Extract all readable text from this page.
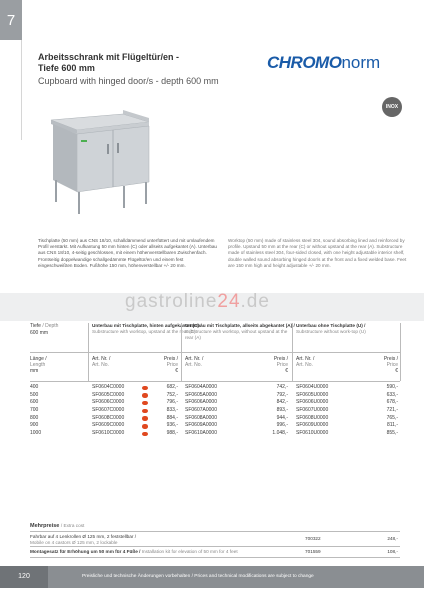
7
Arbeitsschrank mit Flügeltür/en -
Tiefe 600 mm
Cupboard with hinged door/s - depth 600 mm
CHROMOnorm
INOX
Tischplatte (50 mm) aus CNS 18/10, schalldämmend unterfüttert und mit umlaufendem Profil verstärkt. Mit Aufkantung 50 mm hinten (C) oder allseits aufgekantet (A). Unterbau aus CNS 18/10, 4-seitig geschlossen, mit einem höhenverstellbaren Zwischenfach. Frontseitig doppelwandige schallgedämmte Flügeltür/en und einem fest eingeschweißten Boden. Fußhöhe 150 mm, höhenverstellbar +/- 20 mm.
Worktop (50 mm) made of stainless steel 304, sound absorbing lined and reinforced by profile. Upstand 50 mm at the rear (C) or without upstand at the rear (A). Substructure made of stainless steel 304, four-sided closed, with one height adjustable interior shelf, double walled sound absorbing hinged door/s at the front and a fixed welded base. Feet are 150 mm high and height adjustable +/- 20 mm.
gastroline24.de
Tiefe / Depth
600 mm
Unterbau mit Tischplatte, hinten aufgekantet (C) /
Substructure with worktop, upstand at the rear (C)
Unterbau mit Tischplatte, allseits abgekantet (A) /
Substructure with worktop, without upstand at the rear (A)
Unterbau ohne Tischplatte (U) /
Substructure without work-top (U)
Länge /
Length
mm
Art. Nr. /
Art. No.
Preis /
Price
€
Art. Nr. /
Art. No.
Preis /
Price
€
Art. Nr. /
Art. No.
Preis /
Price
€
400	SF0604C0000	682,- SF0604A0000	742,- SF0604U0000	590,-
500	SF0605C0000	752,- SF0605A0000	792,- SF0605U0000	633,-
600	SF0606C0000	796,- SF0606A0000	842,- SF0606U0000	678,-
700	SF0607C0000	833,- SF0607A0000	893,- SF0607U0000	721,-
800	SF0608C0000	884,- SF0608A0000	944,- SF0608U0000	765,-
900	SF0609C0000	936,- SF0609A0000	996,- SF0609U0000	811,-
1000	SF0610C0000	988,- SF0610A0000	1.048,- SF0610U0000	855,-
Mehrpreise / Extra cost
Fahrbar auf 4 Lenkrollen Ø 125 mm, 2 feststellbar /
Mobile on 4 castors Ø 125 mm, 2 lockable
700322	248,-
Montagesatz für Erhöhung um 50 mm für 4 Füße / Installation kit for elevation of 50 mm for 4 feet	701559	108,-
120	Preisliche und technische Änderungen vorbehalten / Prices and technical modifications are subject to change
